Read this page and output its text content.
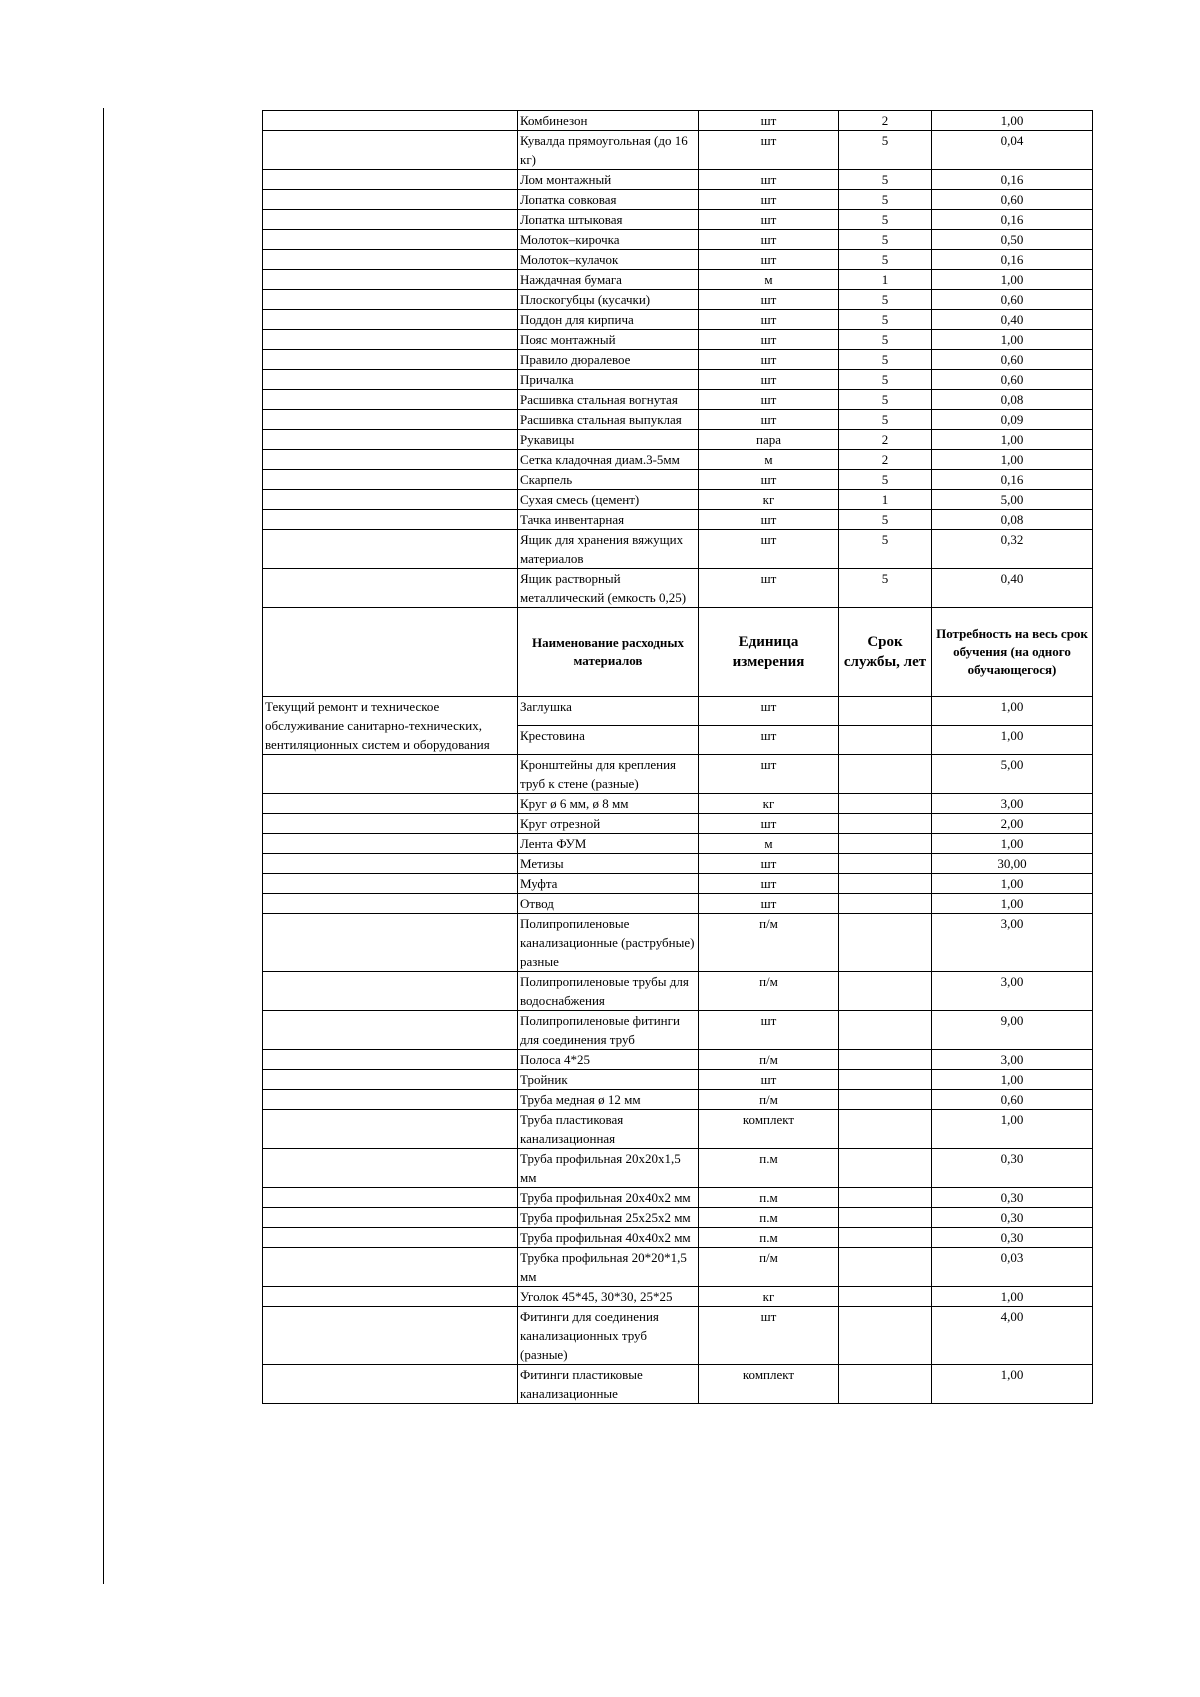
	Комбинезон	шт	2	1,00
	Кувалда прямоугольная (до 16 кг)	шт	5	0,04
	Лом монтажный	шт	5	0,16
	Лопатка совковая	шт	5	0,60
	Лопатка штыковая	шт	5	0,16
	Молоток–кирочка	шт	5	0,50
	Молоток–кулачок	шт	5	0,16
	Наждачная бумага	м	1	1,00
	Плоскогубцы (кусачки)	шт	5	0,60
	Поддон для кирпича	шт	5	0,40
	Пояс монтажный	шт	5	1,00
	Правило дюралевое	шт	5	0,60
	Причалка	шт	5	0,60
	Расшивка стальная вогнутая	шт	5	0,08
	Расшивка стальная выпуклая	шт	5	0,09
	Рукавицы	пара	2	1,00
	Сетка кладочная диам.3-5мм	м	2	1,00
	Скарпель	шт	5	0,16
	Сухая смесь (цемент)	кг	1	5,00
	Тачка инвентарная	шт	5	0,08
	Ящик для хранения вяжущих материалов	шт	5	0,32
	Ящик растворный металлический (емкость 0,25)	шт	5	0,40
	Наименование расходных материалов	Единица измерения	Срок службы, лет	Потребность на весь срок обучения (на одного обучающегося)
Текущий ремонт и техническое обслуживание санитарно-технических, вентиляционных систем и оборудования	Заглушка	шт		1,00
	Крестовина	шт		1,00
	Кронштейны для крепления труб к стене (разные)	шт		5,00
	Круг ø 6 мм, ø 8 мм	кг		3,00
	Круг отрезной	шт		2,00
	Лента ФУМ	м		1,00
	Метизы	шт		30,00
	Муфта	шт		1,00
	Отвод	шт		1,00
	Полипропиленовые канализационные (раструбные) разные	п/м		3,00
	Полипропиленовые трубы для водоснабжения	п/м		3,00
	Полипропиленовые фитинги для соединения труб	шт		9,00
	Полоса 4*25	п/м		3,00
	Тройник	шт		1,00
	Труба медная ø 12 мм	п/м		0,60
	Труба пластиковая канализационная	комплект		1,00
	Труба профильная 20х20х1,5 мм	п.м		0,30
	Труба профильная 20х40х2 мм	п.м		0,30
	Труба профильная 25х25х2 мм	п.м		0,30
	Труба профильная 40х40х2 мм	п.м		0,30
	Трубка профильная 20*20*1,5 мм	п/м		0,03
	Уголок 45*45, 30*30, 25*25	кг		1,00
	Фитинги для соединения канализационных труб (разные)	шт		4,00
	Фитинги пластиковые канализационные	комплект		1,00
